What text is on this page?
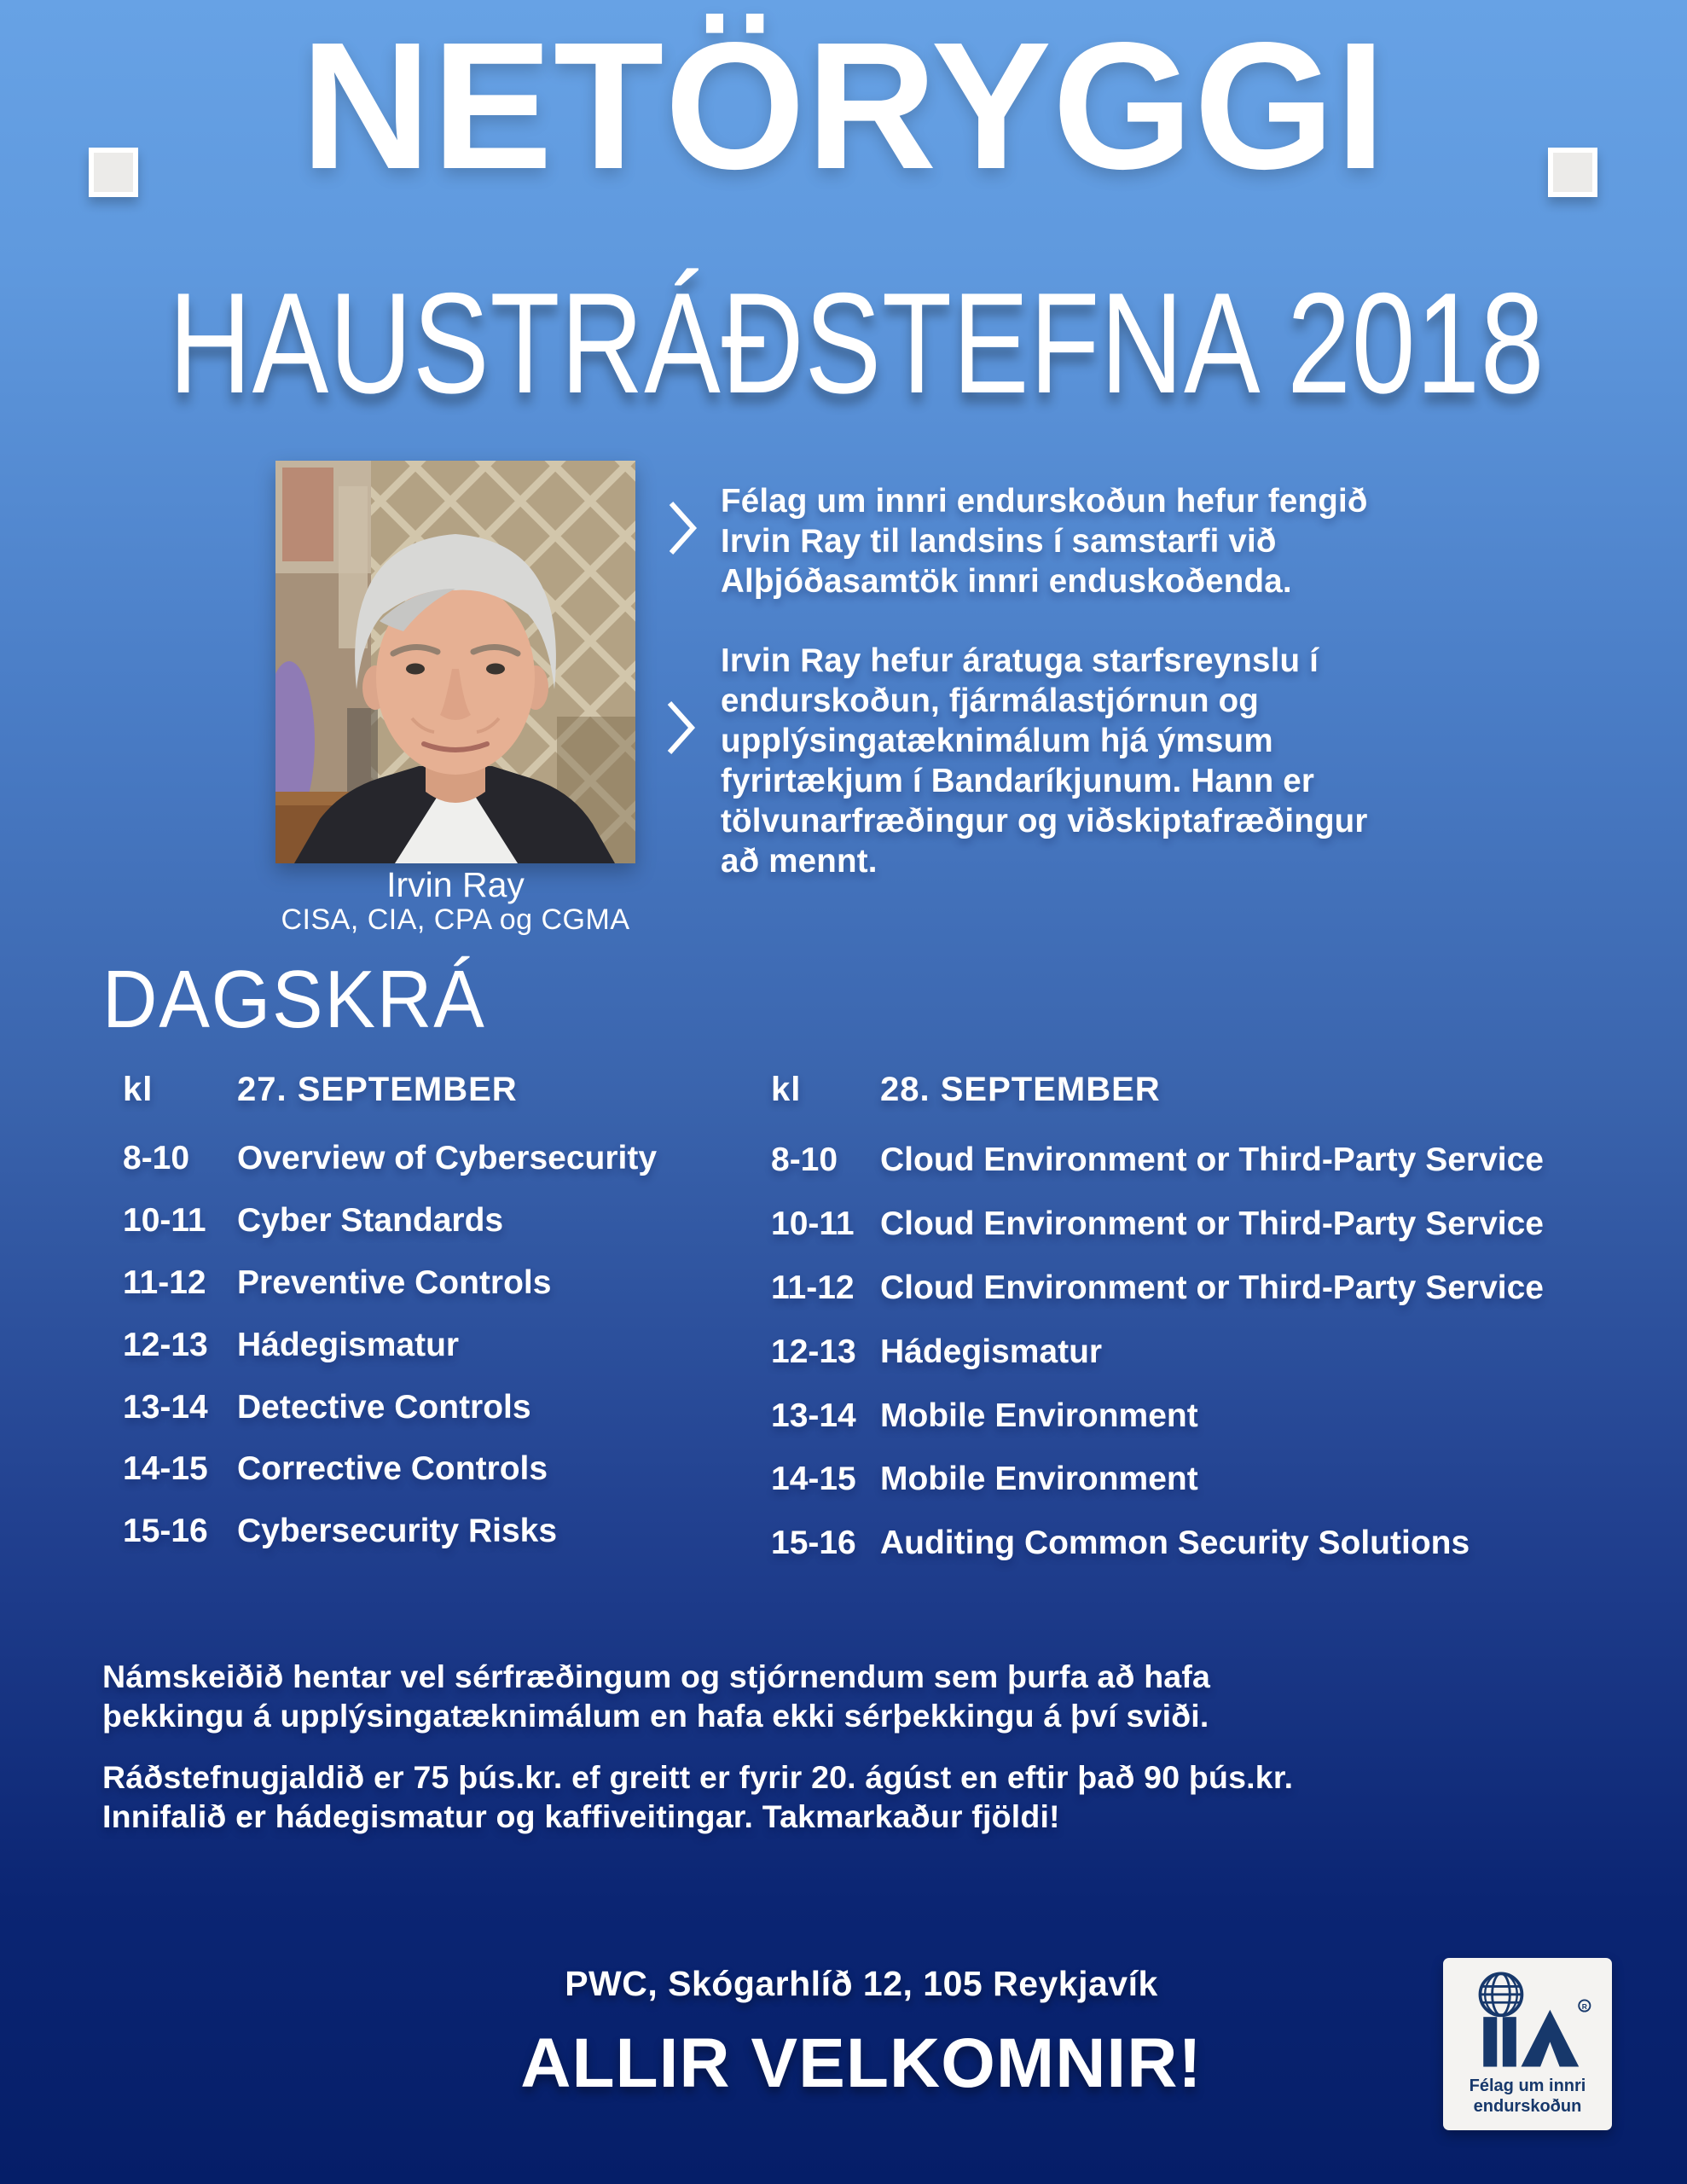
NETÖRYGGI
HAUSTRÁÐSTEFNA 2018
Irvin Ray
CISA, CIA, CPA og CGMA
Félag um innri endurskoðun hefur fengið
Irvin Ray til landsins í samstarfi við
Alþjóðasamtök innri enduskoðenda.
Irvin Ray hefur áratuga starfsreynslu í
endurskoðun, fjármálastjórnun og
upplýsingatæknimálum hjá ýmsum
fyrirtækjum í Bandaríkjunum. Hann er
tölvunarfræðingur og viðskiptafræðingur
að mennt.
DAGSKRÁ
kl	27. SEPTEMBER
8-10	Overview of Cybersecurity
10-11 Cyber Standards
11-12 Preventive Controls
12-13 Hádegismatur
13-14 Detective Controls
14-15 Corrective Controls
15-16 Cybersecurity Risks
kl	28. SEPTEMBER
8-10	Cloud Environment or Third-Party Service
10-11 Cloud Environment or Third-Party Service
11-12 Cloud Environment or Third-Party Service
12-13 Hádegismatur
13-14 Mobile Environment
14-15 Mobile Environment
15-16 Auditing Common Security Solutions
Námskeiðið hentar vel sérfræðingum og stjórnendum sem þurfa að hafa
þekkingu á upplýsingatæknimálum en hafa ekki sérþekkingu á því sviði.
Ráðstefnugjaldið er 75 þús.kr. ef greitt er fyrir 20. ágúst en eftir það 90 þús.kr.
Innifalið er hádegismatur og kaffiveitingar. Takmarkaður fjöldi!
PWC, Skógarhlíð 12, 105 Reykjavík
ALLIR VELKOMNIR!
R
Félag um innri
endurskoðun
